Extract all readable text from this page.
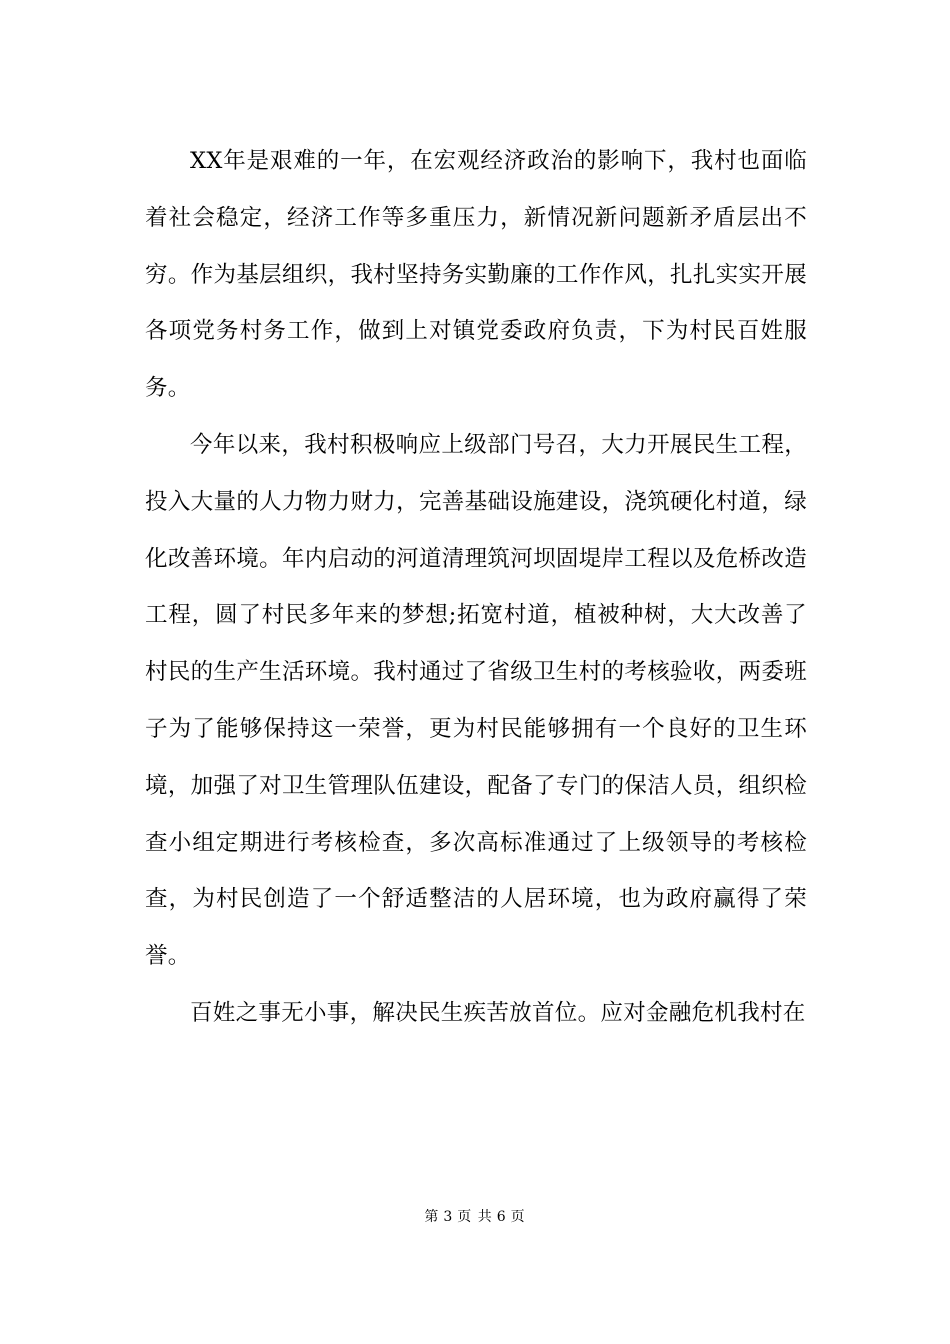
XX年是艰难的一年，在宏观经济政治的影响下，我村也面临着社会稳定，经济工作等多重压力，新情况新问题新矛盾层出不穷。作为基层组织，我村坚持务实勤廉的工作作风，扎扎实实开展各项党务村务工作，做到上对镇党委政府负责，下为村民百姓服务。

今年以来，我村积极响应上级部门号召，大力开展民生工程，投入大量的人力物力财力，完善基础设施建设，浇筑硬化村道，绿化改善环境。年内启动的河道清理筑河坝固堤岸工程以及危桥改造工程，圆了村民多年来的梦想;拓宽村道，植被种树，大大改善了村民的生产生活环境。我村通过了省级卫生村的考核验收，两委班子为了能够保持这一荣誉，更为村民能够拥有一个良好的卫生环境，加强了对卫生管理队伍建设，配备了专门的保洁人员，组织检查小组定期进行考核检查，多次高标准通过了上级领导的考核检查，为村民创造了一个舒适整洁的人居环境，也为政府赢得了荣誉。

百姓之事无小事，解决民生疾苦放首位。应对金融危机我村在

第 3 页 共 6 页
